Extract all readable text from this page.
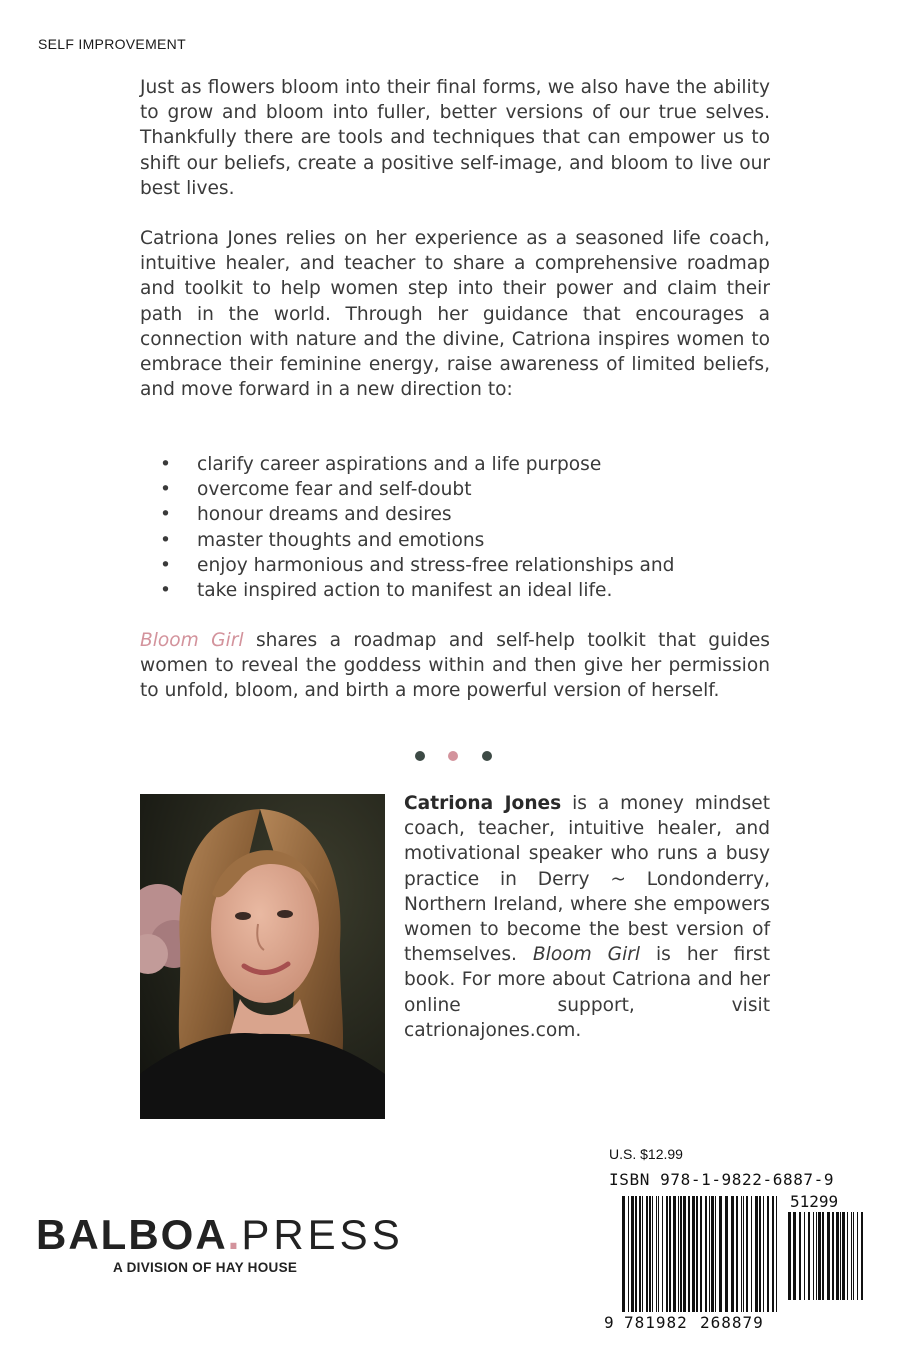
SELF IMPROVEMENT
Just as flowers bloom into their final forms, we also have the ability to grow and bloom into fuller, better versions of our true selves. Thankfully there are tools and techniques that can empower us to shift our beliefs, create a positive self-image, and bloom to live our best lives.
Catriona Jones relies on her experience as a seasoned life coach, intuitive healer, and teacher to share a comprehensive roadmap and toolkit to help women step into their power and claim their path in the world. Through her guidance that encourages a connection with nature and the divine, Catriona inspires women to embrace their feminine energy, raise awareness of limited beliefs, and move forward in a new direction to:
• clarify career aspirations and a life purpose
• overcome fear and self-doubt
• honour dreams and desires
• master thoughts and emotions
• enjoy harmonious and stress-free relationships and
• take inspired action to manifest an ideal life.
Bloom Girl shares a roadmap and self-help toolkit that guides women to reveal the goddess within and then give her permission to unfold, bloom, and birth a more powerful version of herself.
Catriona Jones is a money mindset coach, teacher, intuitive healer, and motivational speaker who runs a busy practice in Derry ~ Londonderry, Northern Ireland, where she empowers women to become the best version of themselves. Bloom Girl is her first book. For more about Catriona and her online support, visit catrionajones.com.
BALBOA.PRESS
A DIVISION OF HAY HOUSE
U.S. $12.99
ISBN 978-1-9822-6887-9
51299
9 781982 268879
